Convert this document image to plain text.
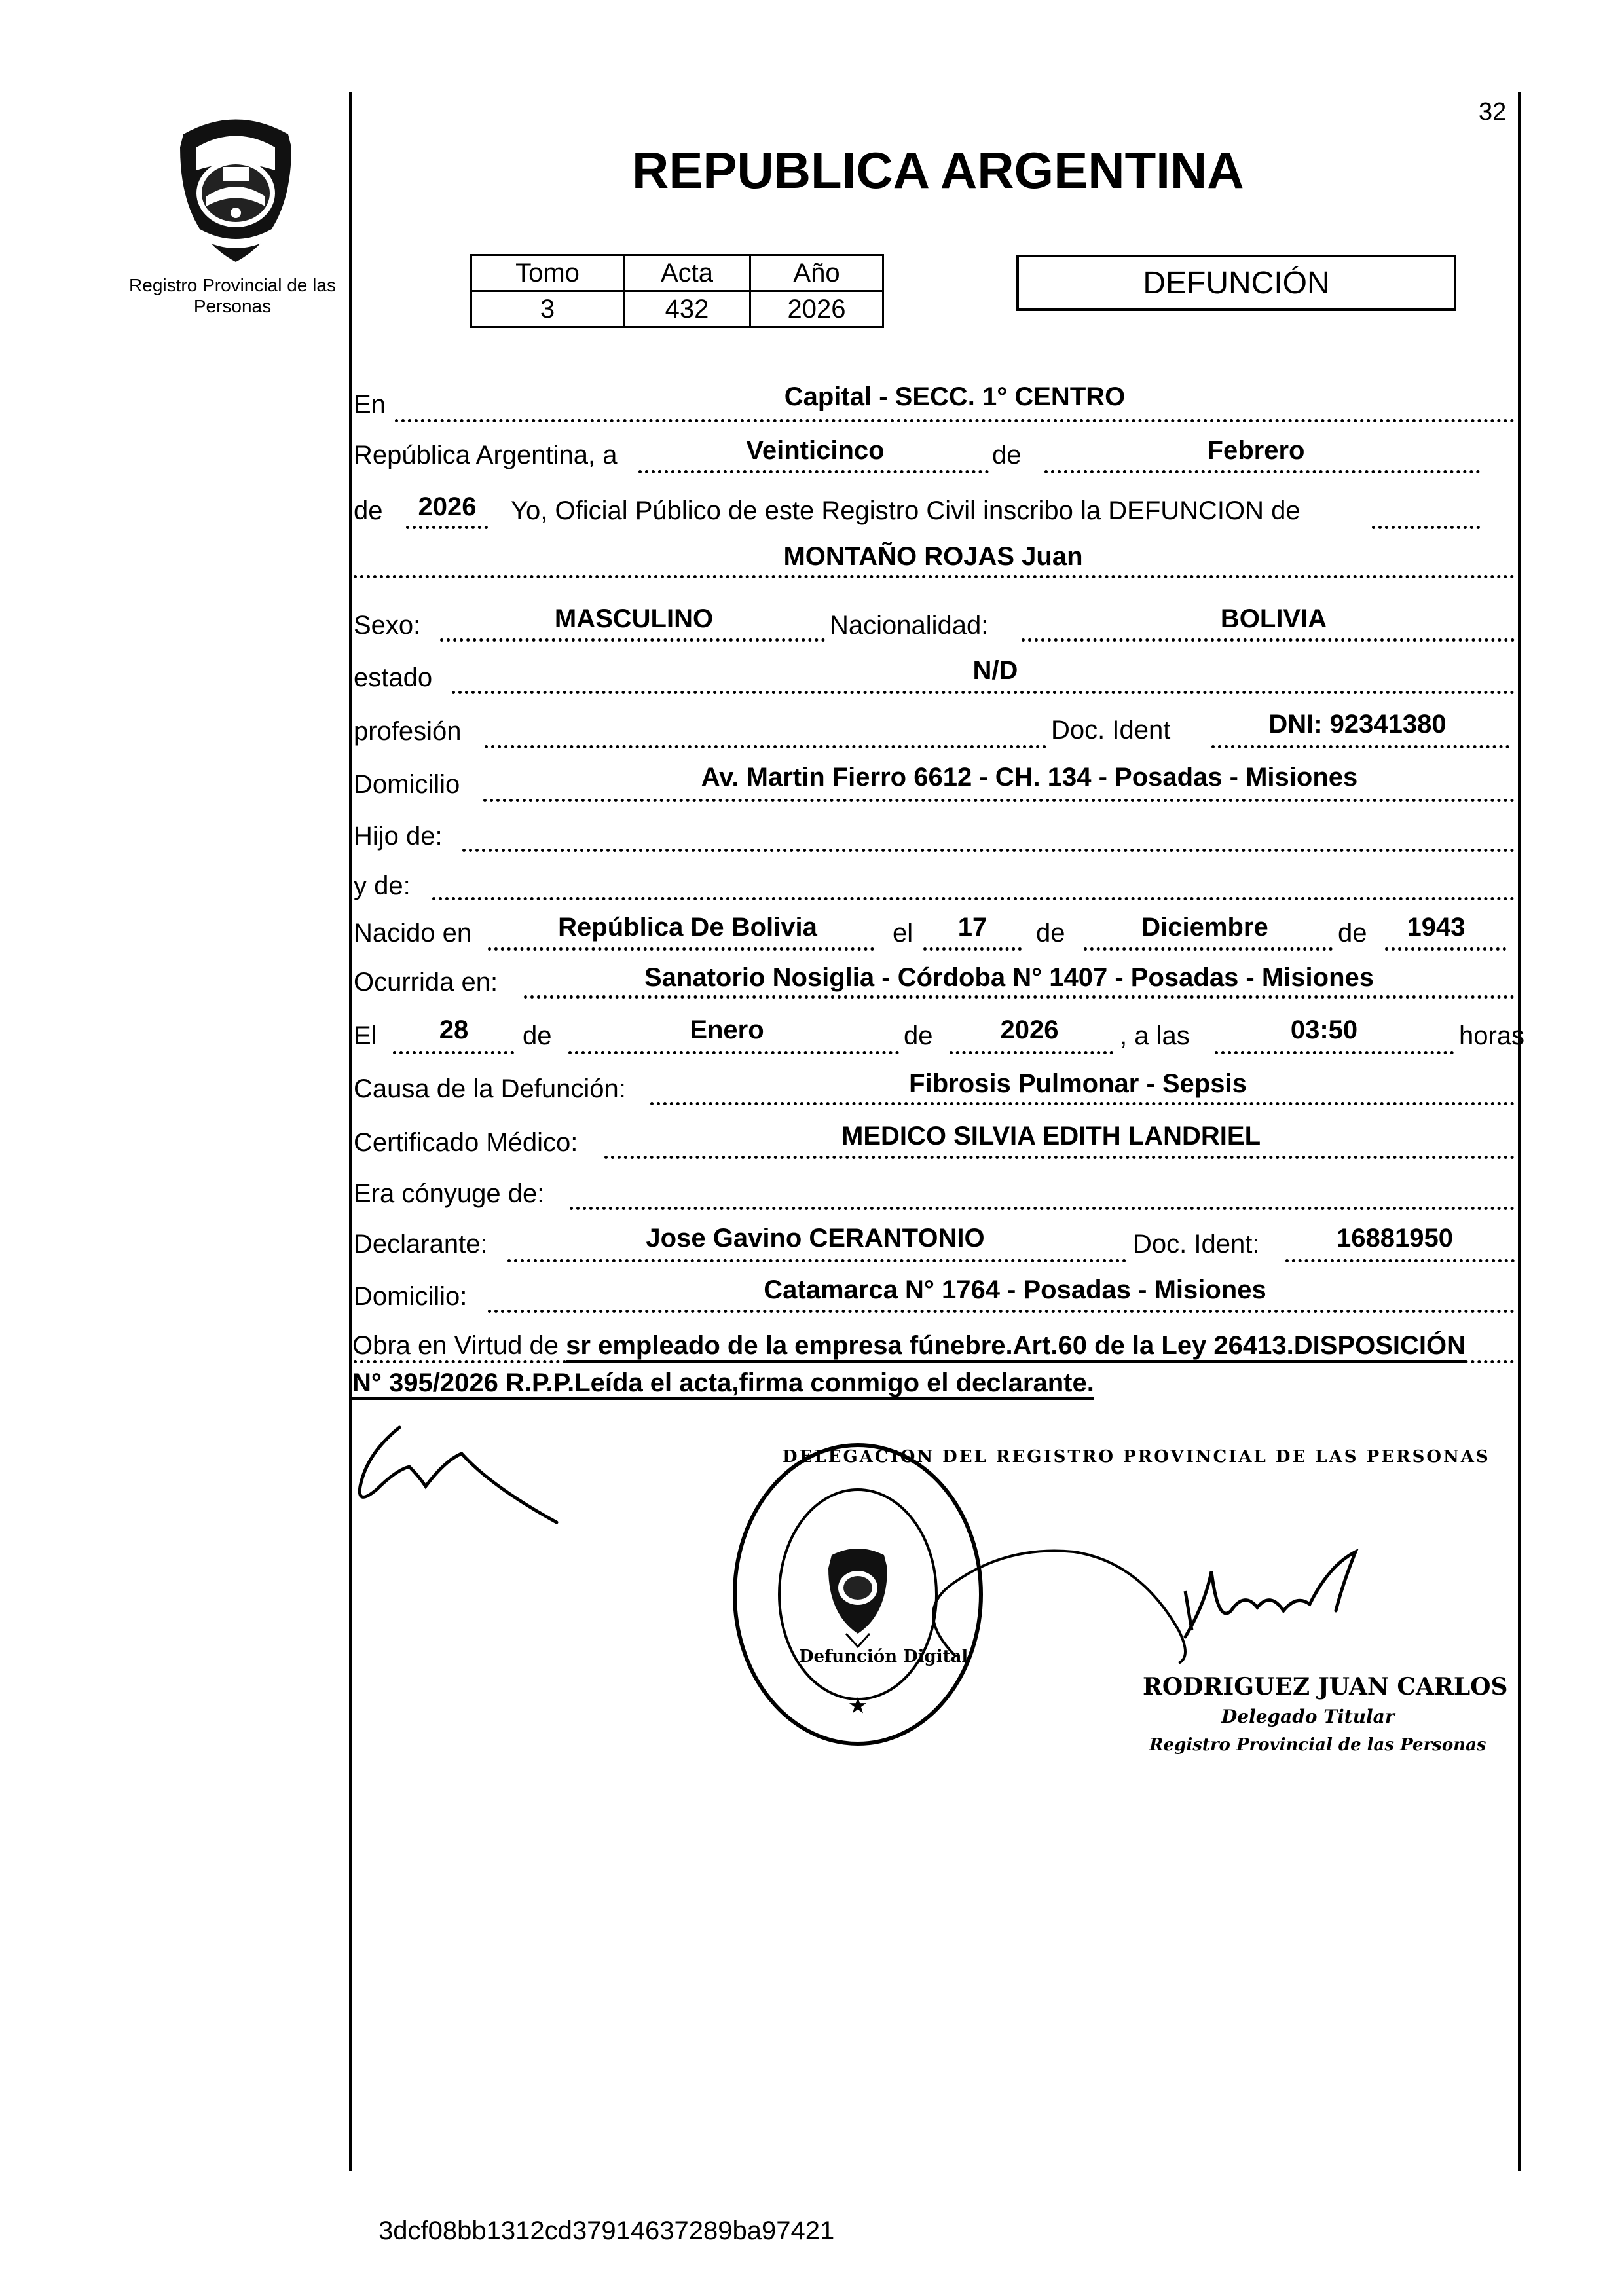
Registro Provincial de las Personas
32
REPUBLICA ARGENTINA
Tomo	Acta	Año
3	432	2026
DEFUNCIÓN
En	Capital - SECC. 1° CENTRO
República Argentina, a	Veinticinco	de	Febrero
de 2026 Yo, Oficial Público de este Registro Civil inscribo la DEFUNCION de
MONTAÑO ROJAS Juan
Sexo:	MASCULINO	Nacionalidad:	BOLIVIA
estado	N/D
profesión	Doc. Ident	DNI: 92341380
Domicilio	Av. Martin Fierro 6612 - CH. 134 - Posadas - Misiones
Hijo de:
y de:
Nacido en	República De Bolivia	el 17 de	Diciembre	de 1943
Ocurrida en:	Sanatorio Nosiglia - Córdoba N° 1407 - Posadas - Misiones
El 28 de	Enero	de	2026 , a las	03:50	horas
Causa de la Defunción:	Fibrosis Pulmonar - Sepsis
Certificado Médico:	MEDICO SILVIA EDITH LANDRIEL
Era cónyuge de:
Declarante:	Jose Gavino CERANTONIO	Doc. Ident:	16881950
Domicilio:	Catamarca N° 1764 - Posadas - Misiones
Obra en Virtud de sr empleado de la empresa fúnebre.Art.60 de la Ley 26413.DISPOSICIÓN
N° 395/2026 R.P.P.Leída el acta,firma conmigo el declarante.
★
DELEGACION DEL REGISTRO PROVINCIAL DE LAS PERSONAS
Defunción Digital
RODRIGUEZ JUAN CARLOS
Delegado Titular
Registro Provincial de las Personas
3dcf08bb1312cd37914637289ba97421
